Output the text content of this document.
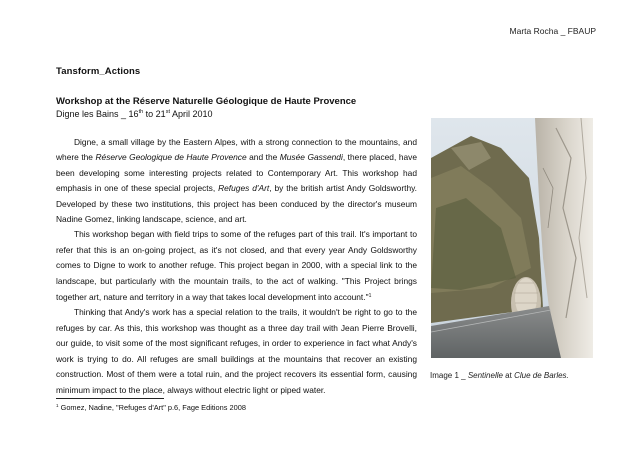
Marta Rocha _ FBAUP
Tansform_Actions
Workshop at the Réserve Naturelle Géologique de Haute Provence
Digne les Bains _ 16th to 21st April 2010

Digne, a small village by the Eastern Alpes, with a strong connection to the mountains, and where the Réserve Geologique de Haute Provence and the Musée Gassendi, there placed, have been developing some interesting projects related to Contemporary Art. This workshop had emphasis in one of these special projects, Refuges d'Art, by the british artist Andy Goldsworthy. Developed by these two institutions, this project has been conduced by the director's museum Nadine Gomez, linking landscape, science, and art.

This workshop began with field trips to some of the refuges part of this trail. It's important to refer that this is an on-going project, as it's not closed, and that every year Andy Goldsworthy comes to Digne to work to another refuge. This project began in 2000, with a special link to the landscape, but particularly with the mountain trails, to the act of walking. "This Project brings together art, nature and territory in a way that takes local development into account."$^1$

Thinking that Andy's work has a special relation to the trails, it wouldn't be right to go to the refuges by car. As this, this workshop was thought as a three day trail with Jean Pierre Brovelli, our guide, to visit some of the most significant refuges, in order to experience in fact what Andy's work is trying to do. All refuges are small buildings at the mountains that recover an existing construction. Most of them were a total ruin, and the project recovers its essential form, causing minimum impact to the place, always without electric light or piped water.

Image 1 _ Sentinelle at Clue de Barles.
$^1$ Gomez, Nadine, "Refuges d'Art" p.6, Fage Editions 2008
